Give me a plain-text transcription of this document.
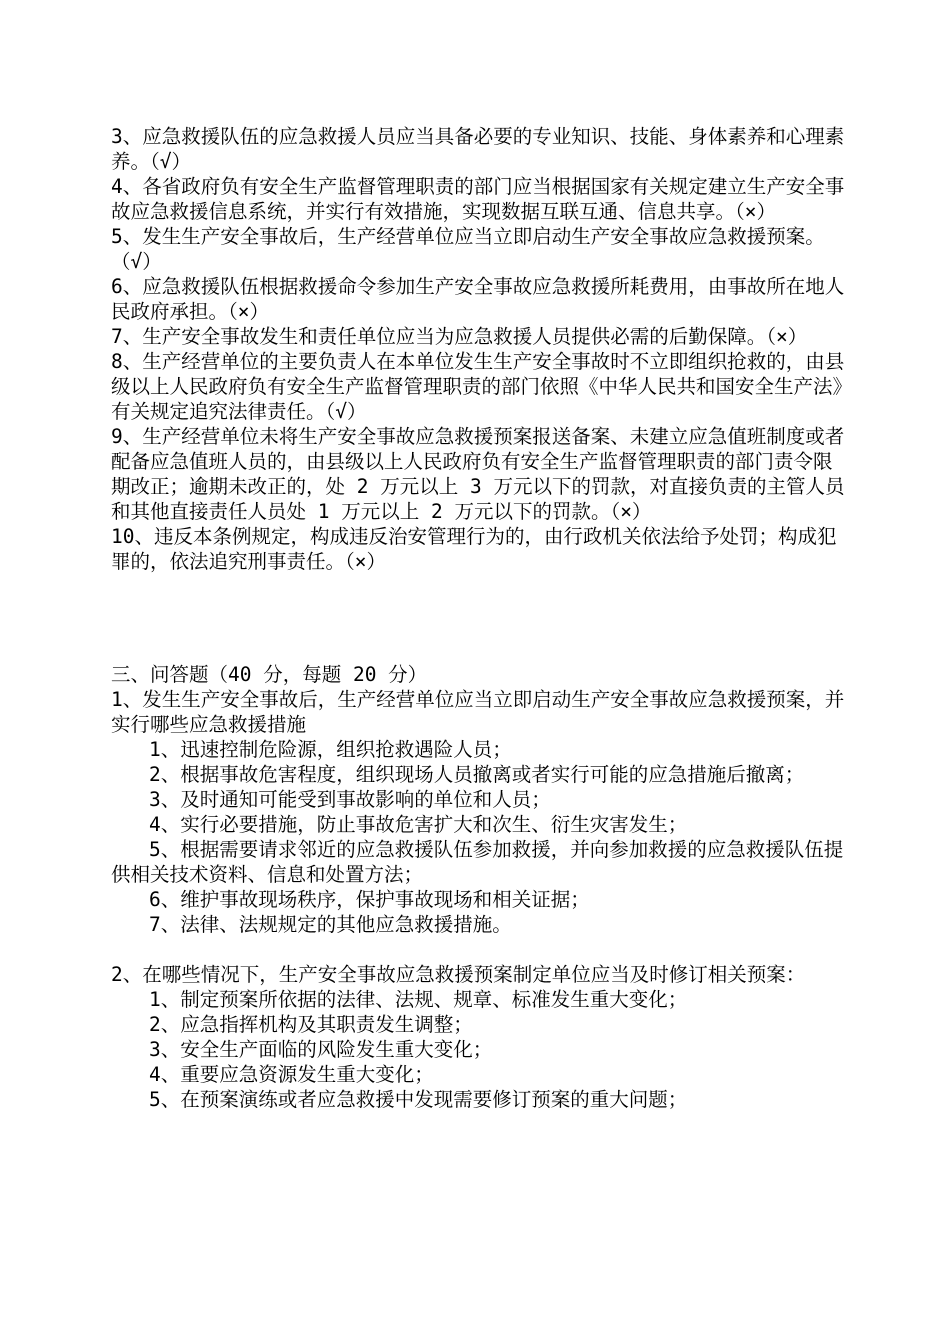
3、应急救援队伍的应急救援人员应当具备必要的专业知识、技能、身体素养和心理素养。（√）

4、各省政府负有安全生产监督管理职责的部门应当根据国家有关规定建立生产安全事故应急救援信息系统，并实行有效措施，实现数据互联互通、信息共享。（×）

5、发生生产安全事故后，生产经营单位应当立即启动生产安全事故应急救援预案。（√）

6、应急救援队伍根据救援命令参加生产安全事故应急救援所耗费用，由事故所在地人民政府承担。（×）

7、生产安全事故发生和责任单位应当为应急救援人员提供必需的后勤保障。（×）

8、生产经营单位的主要负责人在本单位发生生产安全事故时不立即组织抢救的，由县级以上人民政府负有安全生产监督管理职责的部门依照《中华人民共和国安全生产法》有关规定追究法律责任。（√）

9、生产经营单位未将生产安全事故应急救援预案报送备案、未建立应急值班制度或者配备应急值班人员的，由县级以上人民政府负有安全生产监督管理职责的部门责令限期改正；逾期未改正的，处 2 万元以上 3 万元以下的罚款，对直接负责的主管人员和其他直接责任人员处 1 万元以上 2 万元以下的罚款。（×）

10、违反本条例规定，构成违反治安管理行为的，由行政机关依法给予处罚；构成犯罪的，依法追究刑事责任。（×）

三、问答题（40 分，每题 20 分）

1、发生生产安全事故后，生产经营单位应当立即启动生产安全事故应急救援预案，并实行哪些应急救援措施

1、迅速控制危险源，组织抢救遇险人员；

2、根据事故危害程度，组织现场人员撤离或者实行可能的应急措施后撤离；

3、及时通知可能受到事故影响的单位和人员；

4、实行必要措施，防止事故危害扩大和次生、衍生灾害发生；

5、根据需要请求邻近的应急救援队伍参加救援，并向参加救援的应急救援队伍提供相关技术资料、信息和处置方法；

6、维护事故现场秩序，保护事故现场和相关证据；

7、法律、法规规定的其他应急救援措施。

2、在哪些情况下，生产安全事故应急救援预案制定单位应当及时修订相关预案：

1、制定预案所依据的法律、法规、规章、标准发生重大变化；

2、应急指挥机构及其职责发生调整；

3、安全生产面临的风险发生重大变化；

4、重要应急资源发生重大变化；

5、在预案演练或者应急救援中发现需要修订预案的重大问题；
